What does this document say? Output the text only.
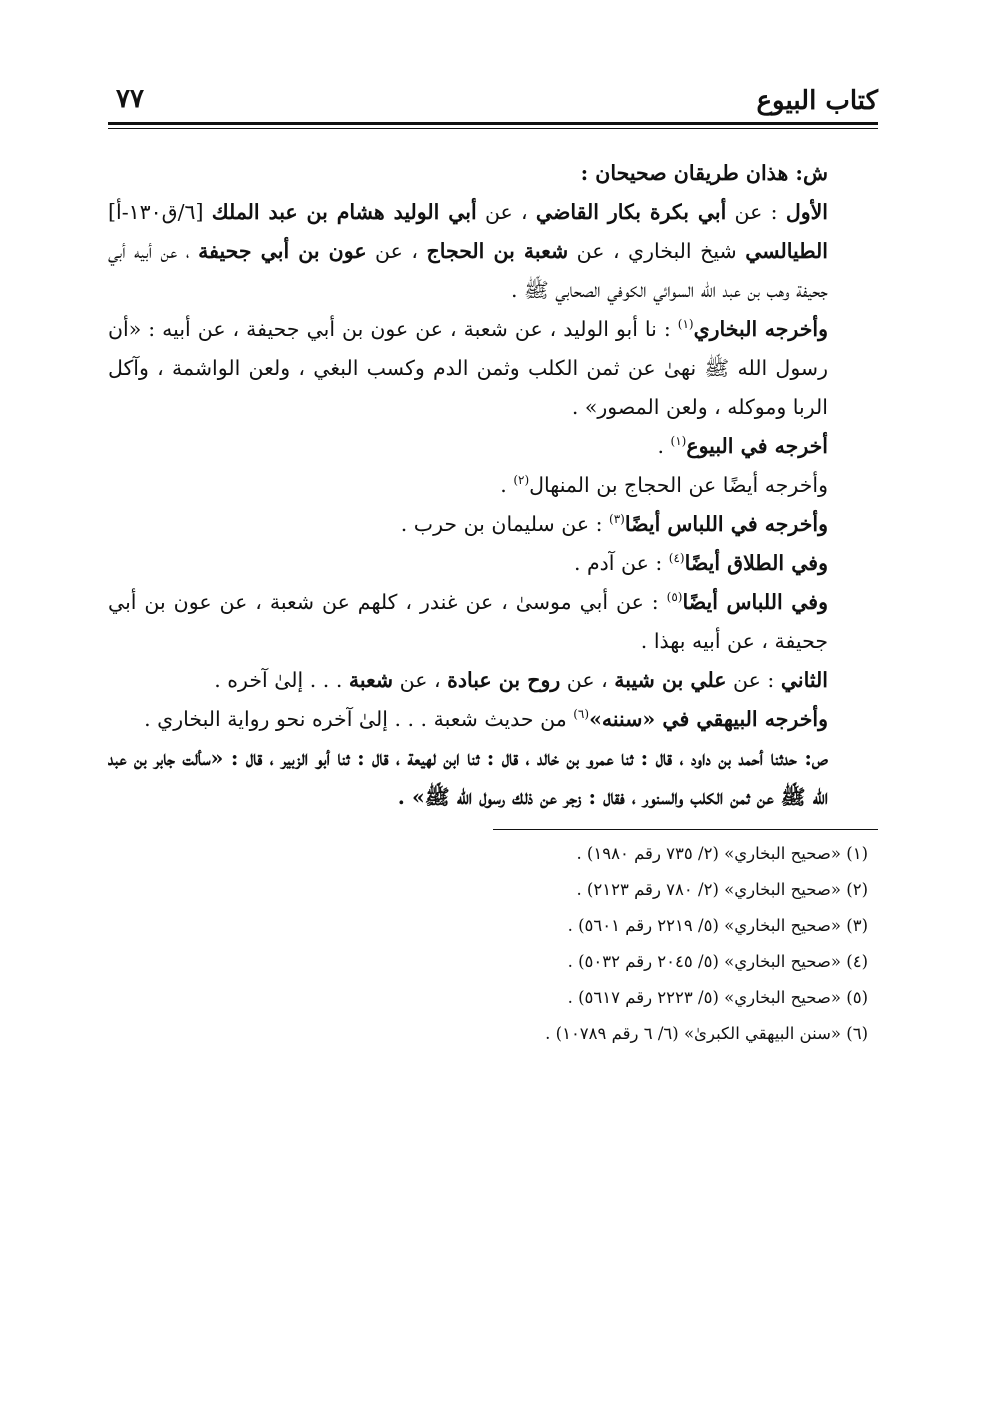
كتاب البيوع
٧٧

ش: هذان طريقان صحيحان :

الأول : عن أبي بكرة بكار القاضي ، عن أبي الوليد هشام بن عبد الملك [٦/ق١٣٠-أ] الطيالسي شيخ البخاري ، عن شعبة بن الحجاج ، عن عون بن أبي جحيفة ، عن أبيه أبي جحيفة وهب بن عبد الله السوائي الكوفي الصحابي ﷺ .

وأخرجه البخاري$^{(١)}$ : نا أبو الوليد ، عن شعبة ، عن عون بن أبي جحيفة ، عن أبيه : «أن رسول الله ﷺ نهىٰ عن ثمن الكلب وثمن الدم وكسب البغي ، ولعن الواشمة ، وآكل الربا وموكله ، ولعن المصور» .

أخرجه في البيوع$^{(١)}$ .

وأخرجه أيضًا عن الحجاج بن المنهال$^{(٢)}$ .

وأخرجه في اللباس أيضًا$^{(٣)}$ : عن سليمان بن حرب .

وفي الطلاق أيضًا$^{(٤)}$ : عن آدم .

وفي اللباس أيضًا$^{(٥)}$ : عن أبي موسىٰ ، عن غندر ، كلهم عن شعبة ، عن عون بن أبي جحيفة ، عن أبيه بهذا .

الثاني : عن علي بن شيبة ، عن روح بن عبادة ، عن شعبة . . . إلىٰ آخره .

وأخرجه البيهقي في «سننه»$^{(٦)}$ من حديث شعبة . . . إلىٰ آخره نحو رواية البخاري .

ص: حدثنا أحمد بن داود ، قال : ثنا عمرو بن خالد ، قال : ثنا ابن لهيعة ، قال : ثنا أبو الزبير ، قال : «سألت جابر بن عبد الله ﷺ عن ثمن الكلب والسنور ، فقال : زجر عن ذلك رسول الله ﷺ» .

(١) «صحيح البخاري» (٢/ ٧٣٥ رقم ١٩٨٠) .
(٢) «صحيح البخاري» (٢/ ٧٨٠ رقم ٢١٢٣) .
(٣) «صحيح البخاري» (٥/ ٢٢١٩ رقم ٥٦٠١) .
(٤) «صحيح البخاري» (٥/ ٢٠٤٥ رقم ٥٠٣٢) .
(٥) «صحيح البخاري» (٥/ ٢٢٢٣ رقم ٥٦١٧) .
(٦) «سنن البيهقي الكبرىٰ» (٦/ ٦ رقم ١٠٧٨٩) .
